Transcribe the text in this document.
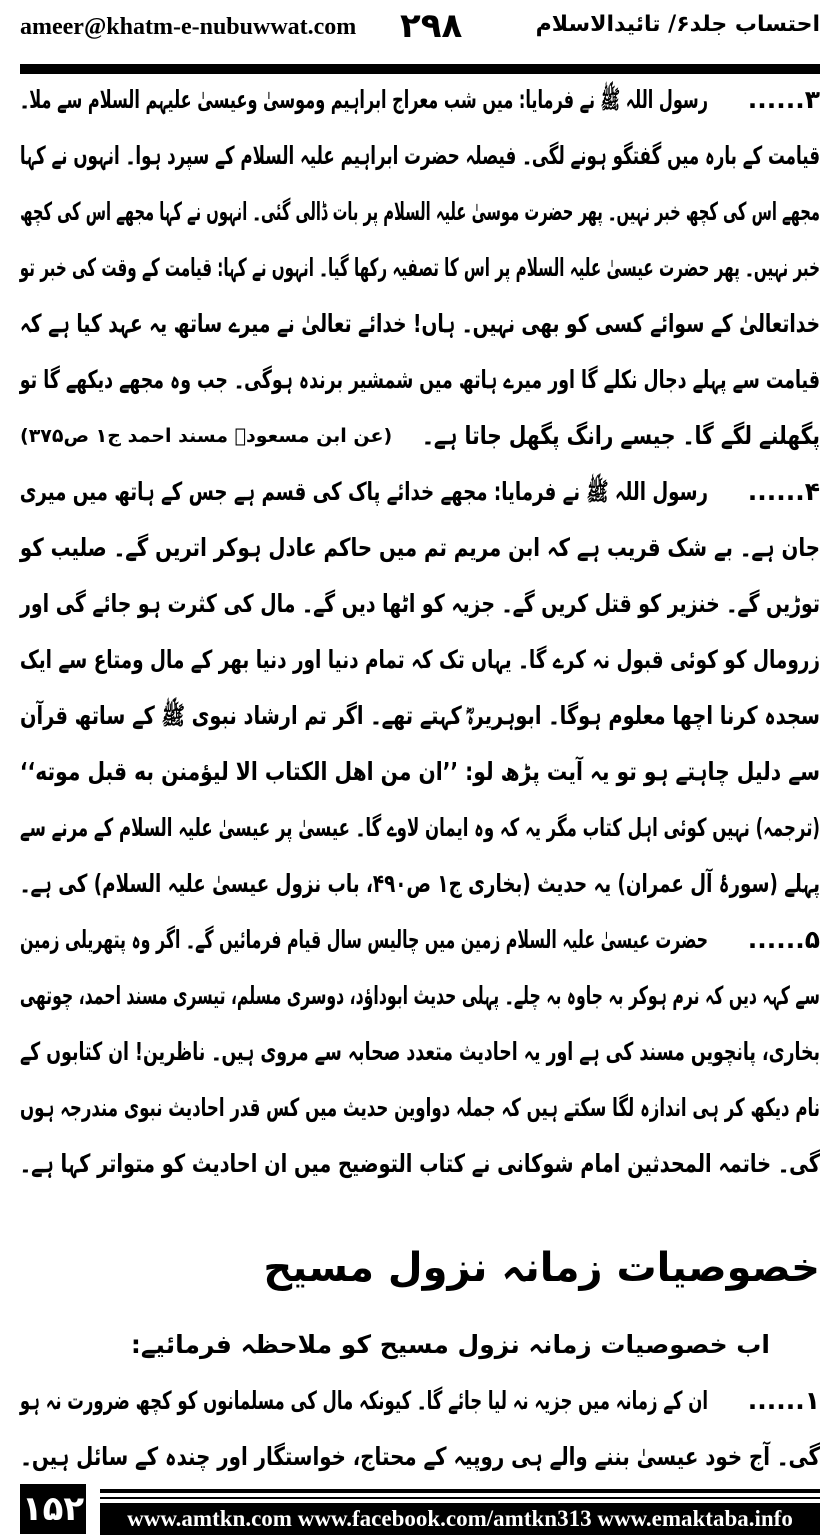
ameer@khatm-e-nubuwwat.com ۲۹۸	احتساب جلد۶/ تائیدالاسلام
۳......
رسول اللہ ﷺ نے فرمایا: میں شب معراج ابراہیم وموسیٰ وعیسیٰ علیہم السلام سے ملا۔
قیامت کے بارہ میں گفتگو ہونے لگی۔ فیصلہ حضرت ابراہیم علیہ السلام کے سپرد ہوا۔ انہوں نے کہا
مجھے اس کی کچھ خبر نہیں۔ پھر حضرت موسیٰ علیہ السلام پر بات ڈالی گئی۔ انہوں نے کہا مجھے اس کی کچھ
خبر نہیں۔ پھر حضرت عیسیٰ علیہ السلام پر اس کا تصفیہ رکھا گیا۔ انہوں نے کہا: قیامت کے وقت کی خبر تو
خداتعالیٰ کے سوائے کسی کو بھی نہیں۔ ہاں! خدائے تعالیٰ نے میرے ساتھ یہ عہد کیا ہے کہ
قیامت سے پہلے دجال نکلے گا اور میرے ہاتھ میں شمشیر برندہ ہوگی۔ جب وہ مجھے دیکھے گا تو
پگھلنے لگے گا۔ جیسے رانگ پگھل جاتا ہے۔
(عن ابن مسعودؓ مسند احمد ج۱ ص۳۷۵)
۴......
رسول اللہ ﷺ نے فرمایا: مجھے خدائے پاک کی قسم ہے جس کے ہاتھ میں میری
جان ہے۔ بے شک قریب ہے کہ ابن مریم تم میں حاکم عادل ہوکر اتریں گے۔ صلیب کو
توڑیں گے۔ خنزیر کو قتل کریں گے۔ جزیہ کو اٹھا دیں گے۔ مال کی کثرت ہو جائے گی اور
زرومال کو کوئی قبول نہ کرے گا۔ یہاں تک کہ تمام دنیا اور دنیا بھر کے مال ومتاع سے ایک
سجدہ کرنا اچھا معلوم ہوگا۔ ابوہریرہؓ کہتے تھے۔ اگر تم ارشاد نبوی ﷺ کے ساتھ قرآن
سے دلیل چاہتے ہو تو یہ آیت پڑھ لو: ’’ان من اهل الکتاب الا لیؤمنن به قبل موته‘‘
(ترجمہ) نہیں کوئی اہل کتاب مگر یہ کہ وہ ایمان لاوے گا۔ عیسیٰ پر عیسیٰ علیہ السلام کے مرنے سے
پہلے (سورۂ آل عمران) یہ حدیث (بخاری ج۱ ص۴۹۰، باب نزول عیسیٰ علیہ السلام) کی ہے۔
۵......
حضرت عیسیٰ علیہ السلام زمین میں چالیس سال قیام فرمائیں گے۔ اگر وہ پتھریلی زمین
سے کہہ دیں کہ نرم ہوکر بہ جاوہ بہ چلے۔ پہلی حدیث ابوداؤد، دوسری مسلم، تیسری مسند احمد، چوتھی
بخاری، پانچویں مسند کی ہے اور یہ احادیث متعدد صحابہ سے مروی ہیں۔ ناظرین! ان کتابوں کے
نام دیکھ کر ہی اندازہ لگا سکتے ہیں کہ جملہ دواوین حدیث میں کس قدر احادیث نبوی مندرجہ ہوں
گی۔ خاتمہ المحدثین امام شوکانی نے کتاب التوضیح میں ان احادیث کو متواتر کہا ہے۔
خصوصیات زمانہ نزول مسیح
اب خصوصیات زمانہ نزول مسیح کو ملاحظہ فرمائیے:
۱......
ان کے زمانہ میں جزیہ نہ لیا جائے گا۔ کیونکہ مال کی مسلمانوں کو کچھ ضرورت نہ ہو
گی۔ آج خود عیسیٰ بننے والے ہی روپیہ کے محتاج، خواستگار اور چندہ کے سائل ہیں۔
۱۵۲	www.amtkn.com www.facebook.com/amtkn313 www.emaktaba.info
